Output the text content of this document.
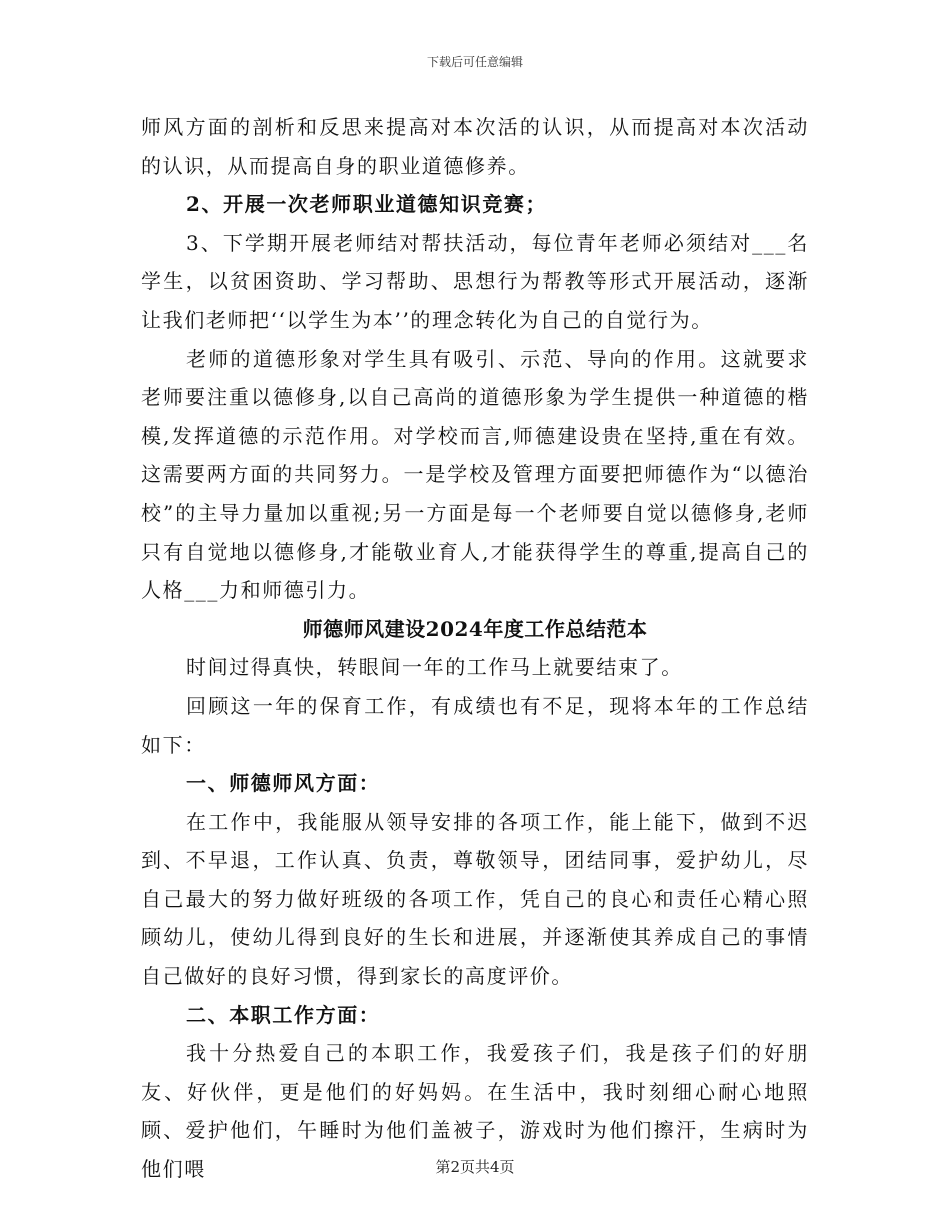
下载后可任意编辑

师风方面的剖析和反思来提高对本次活的认识，从而提高对本次活动的认识，从而提高自身的职业道德修养。

2、开展一次老师职业道德知识竞赛；

3、下学期开展老师结对帮扶活动，每位青年老师必须结对___名学生，以贫困资助、学习帮助、思想行为帮教等形式开展活动，逐渐让我们老师把‘‘以学生为本’’的理念转化为自己的自觉行为。

老师的道德形象对学生具有吸引、示范、导向的作用。这就要求老师要注重以德修身,以自己高尚的道德形象为学生提供一种道德的楷模,发挥道德的示范作用。对学校而言,师德建设贵在坚持,重在有效。这需要两方面的共同努力。一是学校及管理方面要把师德作为“以德治校”的主导力量加以重视;另一方面是每一个老师要自觉以德修身,老师只有自觉地以德修身,才能敬业育人,才能获得学生的尊重,提高自己的人格___力和师德引力。

师德师风建设2024年度工作总结范本

时间过得真快，转眼间一年的工作马上就要结束了。

回顾这一年的保育工作，有成绩也有不足，现将本年的工作总结如下：

一、师德师风方面：

在工作中，我能服从领导安排的各项工作，能上能下，做到不迟到、不早退，工作认真、负责，尊敬领导，团结同事，爱护幼儿，尽自己最大的努力做好班级的各项工作，凭自己的良心和责任心精心照顾幼儿，使幼儿得到良好的生长和进展，并逐渐使其养成自己的事情自己做好的良好习惯，得到家长的高度评价。

二、本职工作方面：

我十分热爱自己的本职工作，我爱孩子们，我是孩子们的好朋友、好伙伴，更是他们的好妈妈。在生活中，我时刻细心耐心地照顾、爱护他们，午睡时为他们盖被子，游戏时为他们擦汗，生病时为他们喂	第2页共4页
